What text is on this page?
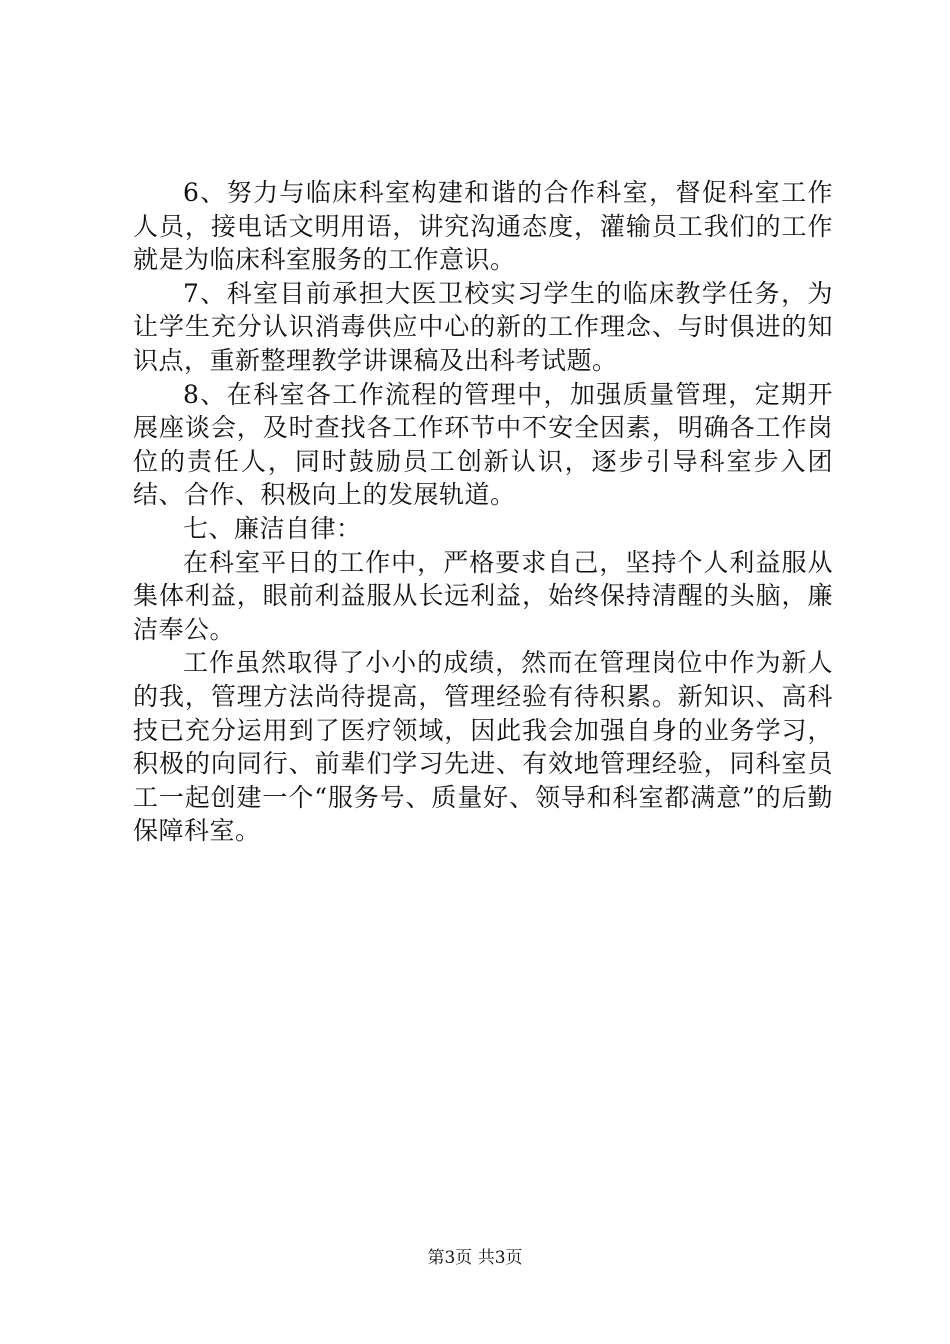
6、努力与临床科室构建和谐的合作科室，督促科室工作人员，接电话文明用语，讲究沟通态度，灌输员工我们的工作就是为临床科室服务的工作意识。

7、科室目前承担大医卫校实习学生的临床教学任务，为让学生充分认识消毒供应中心的新的工作理念、与时俱进的知识点，重新整理教学讲课稿及出科考试题。

8、在科室各工作流程的管理中，加强质量管理，定期开展座谈会，及时查找各工作环节中不安全因素，明确各工作岗位的责任人，同时鼓励员工创新认识，逐步引导科室步入团结、合作、积极向上的发展轨道。

七、廉洁自律：

在科室平日的工作中，严格要求自己，坚持个人利益服从集体利益，眼前利益服从长远利益，始终保持清醒的头脑，廉洁奉公。

工作虽然取得了小小的成绩，然而在管理岗位中作为新人的我，管理方法尚待提高，管理经验有待积累。新知识、高科技已充分运用到了医疗领域，因此我会加强自身的业务学习，积极的向同行、前辈们学习先进、有效地管理经验，同科室员工一起创建一个“服务号、质量好、领导和科室都满意”的后勤保障科室。

第3页 共3页
